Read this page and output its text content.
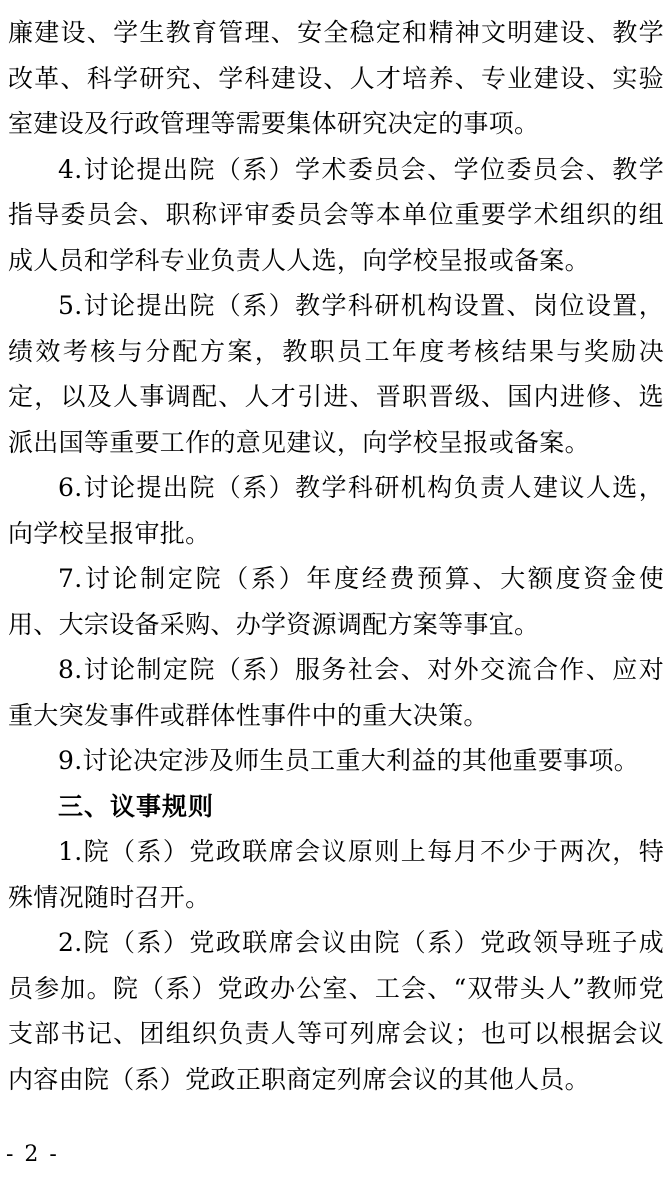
廉建设、学生教育管理、安全稳定和精神文明建设、教学改革、科学研究、学科建设、人才培养、专业建设、实验室建设及行政管理等需要集体研究决定的事项。

4.讨论提出院（系）学术委员会、学位委员会、教学指导委员会、职称评审委员会等本单位重要学术组织的组成人员和学科专业负责人人选，向学校呈报或备案。

5.讨论提出院（系）教学科研机构设置、岗位设置，绩效考核与分配方案，教职员工年度考核结果与奖励决定，以及人事调配、人才引进、晋职晋级、国内进修、选派出国等重要工作的意见建议，向学校呈报或备案。

6.讨论提出院（系）教学科研机构负责人建议人选，向学校呈报审批。

7.讨论制定院（系）年度经费预算、大额度资金使用、大宗设备采购、办学资源调配方案等事宜。

8.讨论制定院（系）服务社会、对外交流合作、应对重大突发事件或群体性事件中的重大决策。

9.讨论决定涉及师生员工重大利益的其他重要事项。

三、议事规则

1.院（系）党政联席会议原则上每月不少于两次，特殊情况随时召开。

2.院（系）党政联席会议由院（系）党政领导班子成员参加。院（系）党政办公室、工会、“双带头人”教师党支部书记、团组织负责人等可列席会议；也可以根据会议内容由院（系）党政正职商定列席会议的其他人员。

- 2 -
